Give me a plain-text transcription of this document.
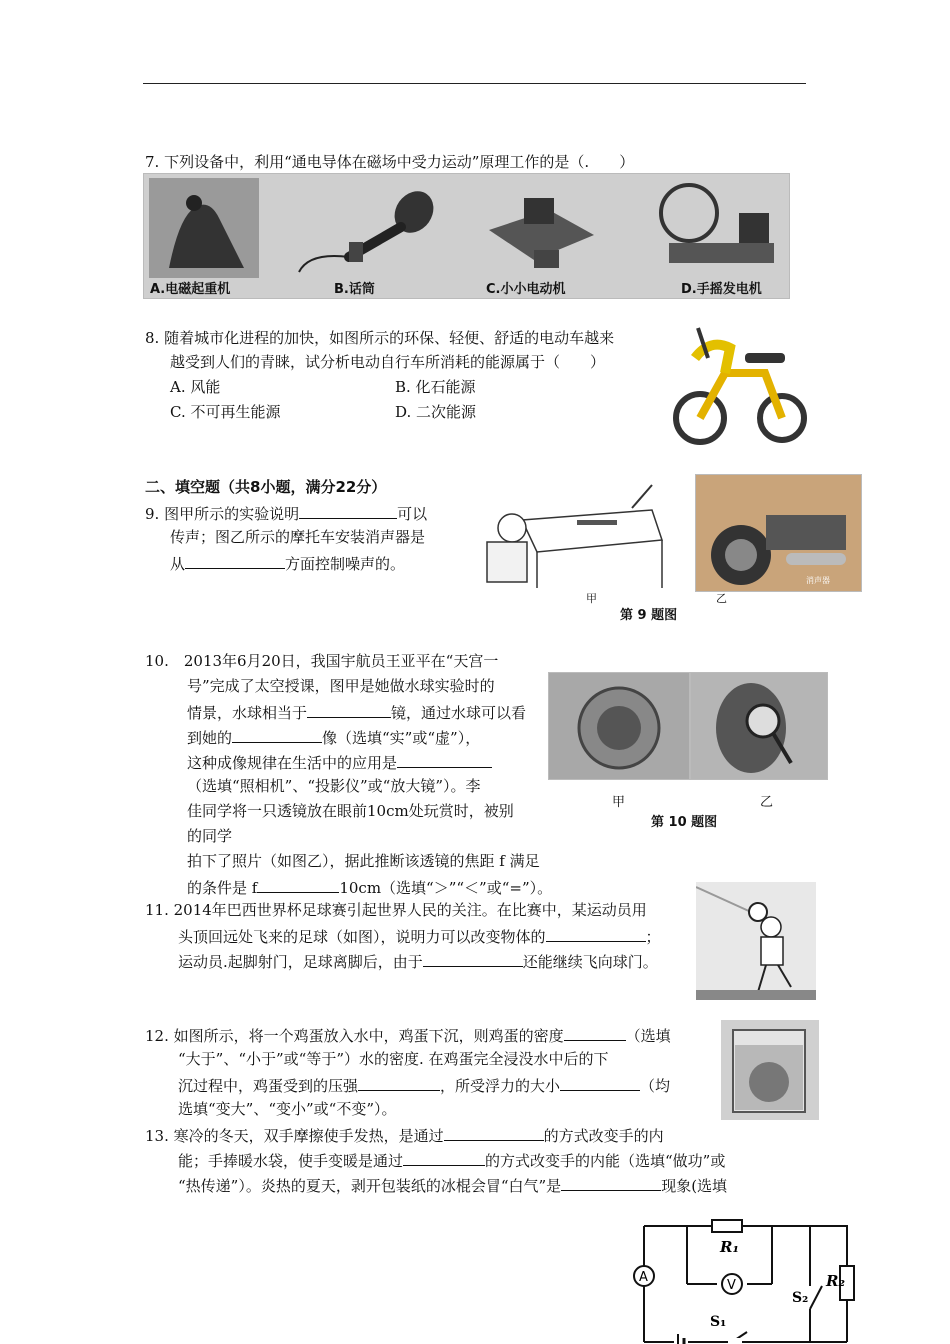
7. 下列设备中，利用“通电导体在磁场中受力运动”原理工作的是（.　　）
A.电磁起重机	B.话筒	C.小小电动机	D.手摇发电机
8. 随着城市化进程的加快，如图所示的环保、轻便、舒适的电动车越来
越受到人们的青睐，试分析电动自行车所消耗的能源属于（　　）
A. 风能	B. 化石能源
C. 不可再生能源	D. 二次能源
二、填空题（共8小题，满分22分）
9. 图甲所示的实验说明	可以
传声；图乙所示的摩托车安装消声器是
从	方面控制噪声的。
消声器
甲	乙
第 9 题图
10.　2013年6月20日，我国宇航员王亚平在“天宫一
号”完成了太空授课，图甲是她做水球实验时的
情景，水球相当于	镜，通过水球可以看
到她的	像（选填“实”或“虚”），
这种成像规律在生活中的应用是
（选填“照相机”、“投影仪”或“放大镜”）。李
佳同学将一只透镜放在眼前10cm处玩赏时，被别
的同学
拍下了照片（如图乙），据此推断该透镜的焦距 f 满足
的条件是 f	10cm（选填“＞”“＜”或“=”）。
甲	乙
第 10 题图
11. 2014年巴西世界杯足球赛引起世界人民的关注。在比赛中，某运动员用
头顶回远处飞来的足球（如图），说明力可以改变物体的	；
运动员.起脚射门，足球离脚后，由于	还能继续飞向球门。
12. 如图所示，将一个鸡蛋放入水中，鸡蛋下沉，则鸡蛋的密度	（选填
“大于”、“小于”或“等于”）水的密度. 在鸡蛋完全浸没水中后的下
沉过程中，鸡蛋受到的压强	，所受浮力的大小	（均
选填“变大”、“变小”或“不变”）。
13. 寒冷的冬天，双手摩擦使手发热，是通过	的方式改变手的内
能；手捧暖水袋，使手变暖是通过	的方式改变手的内能（选填“做功”或
“热传递”）。炎热的夏天，剥开包装纸的冰棍会冒“白气”是	现象(选填
A
V
R₁
R₂
S₂
S₁
